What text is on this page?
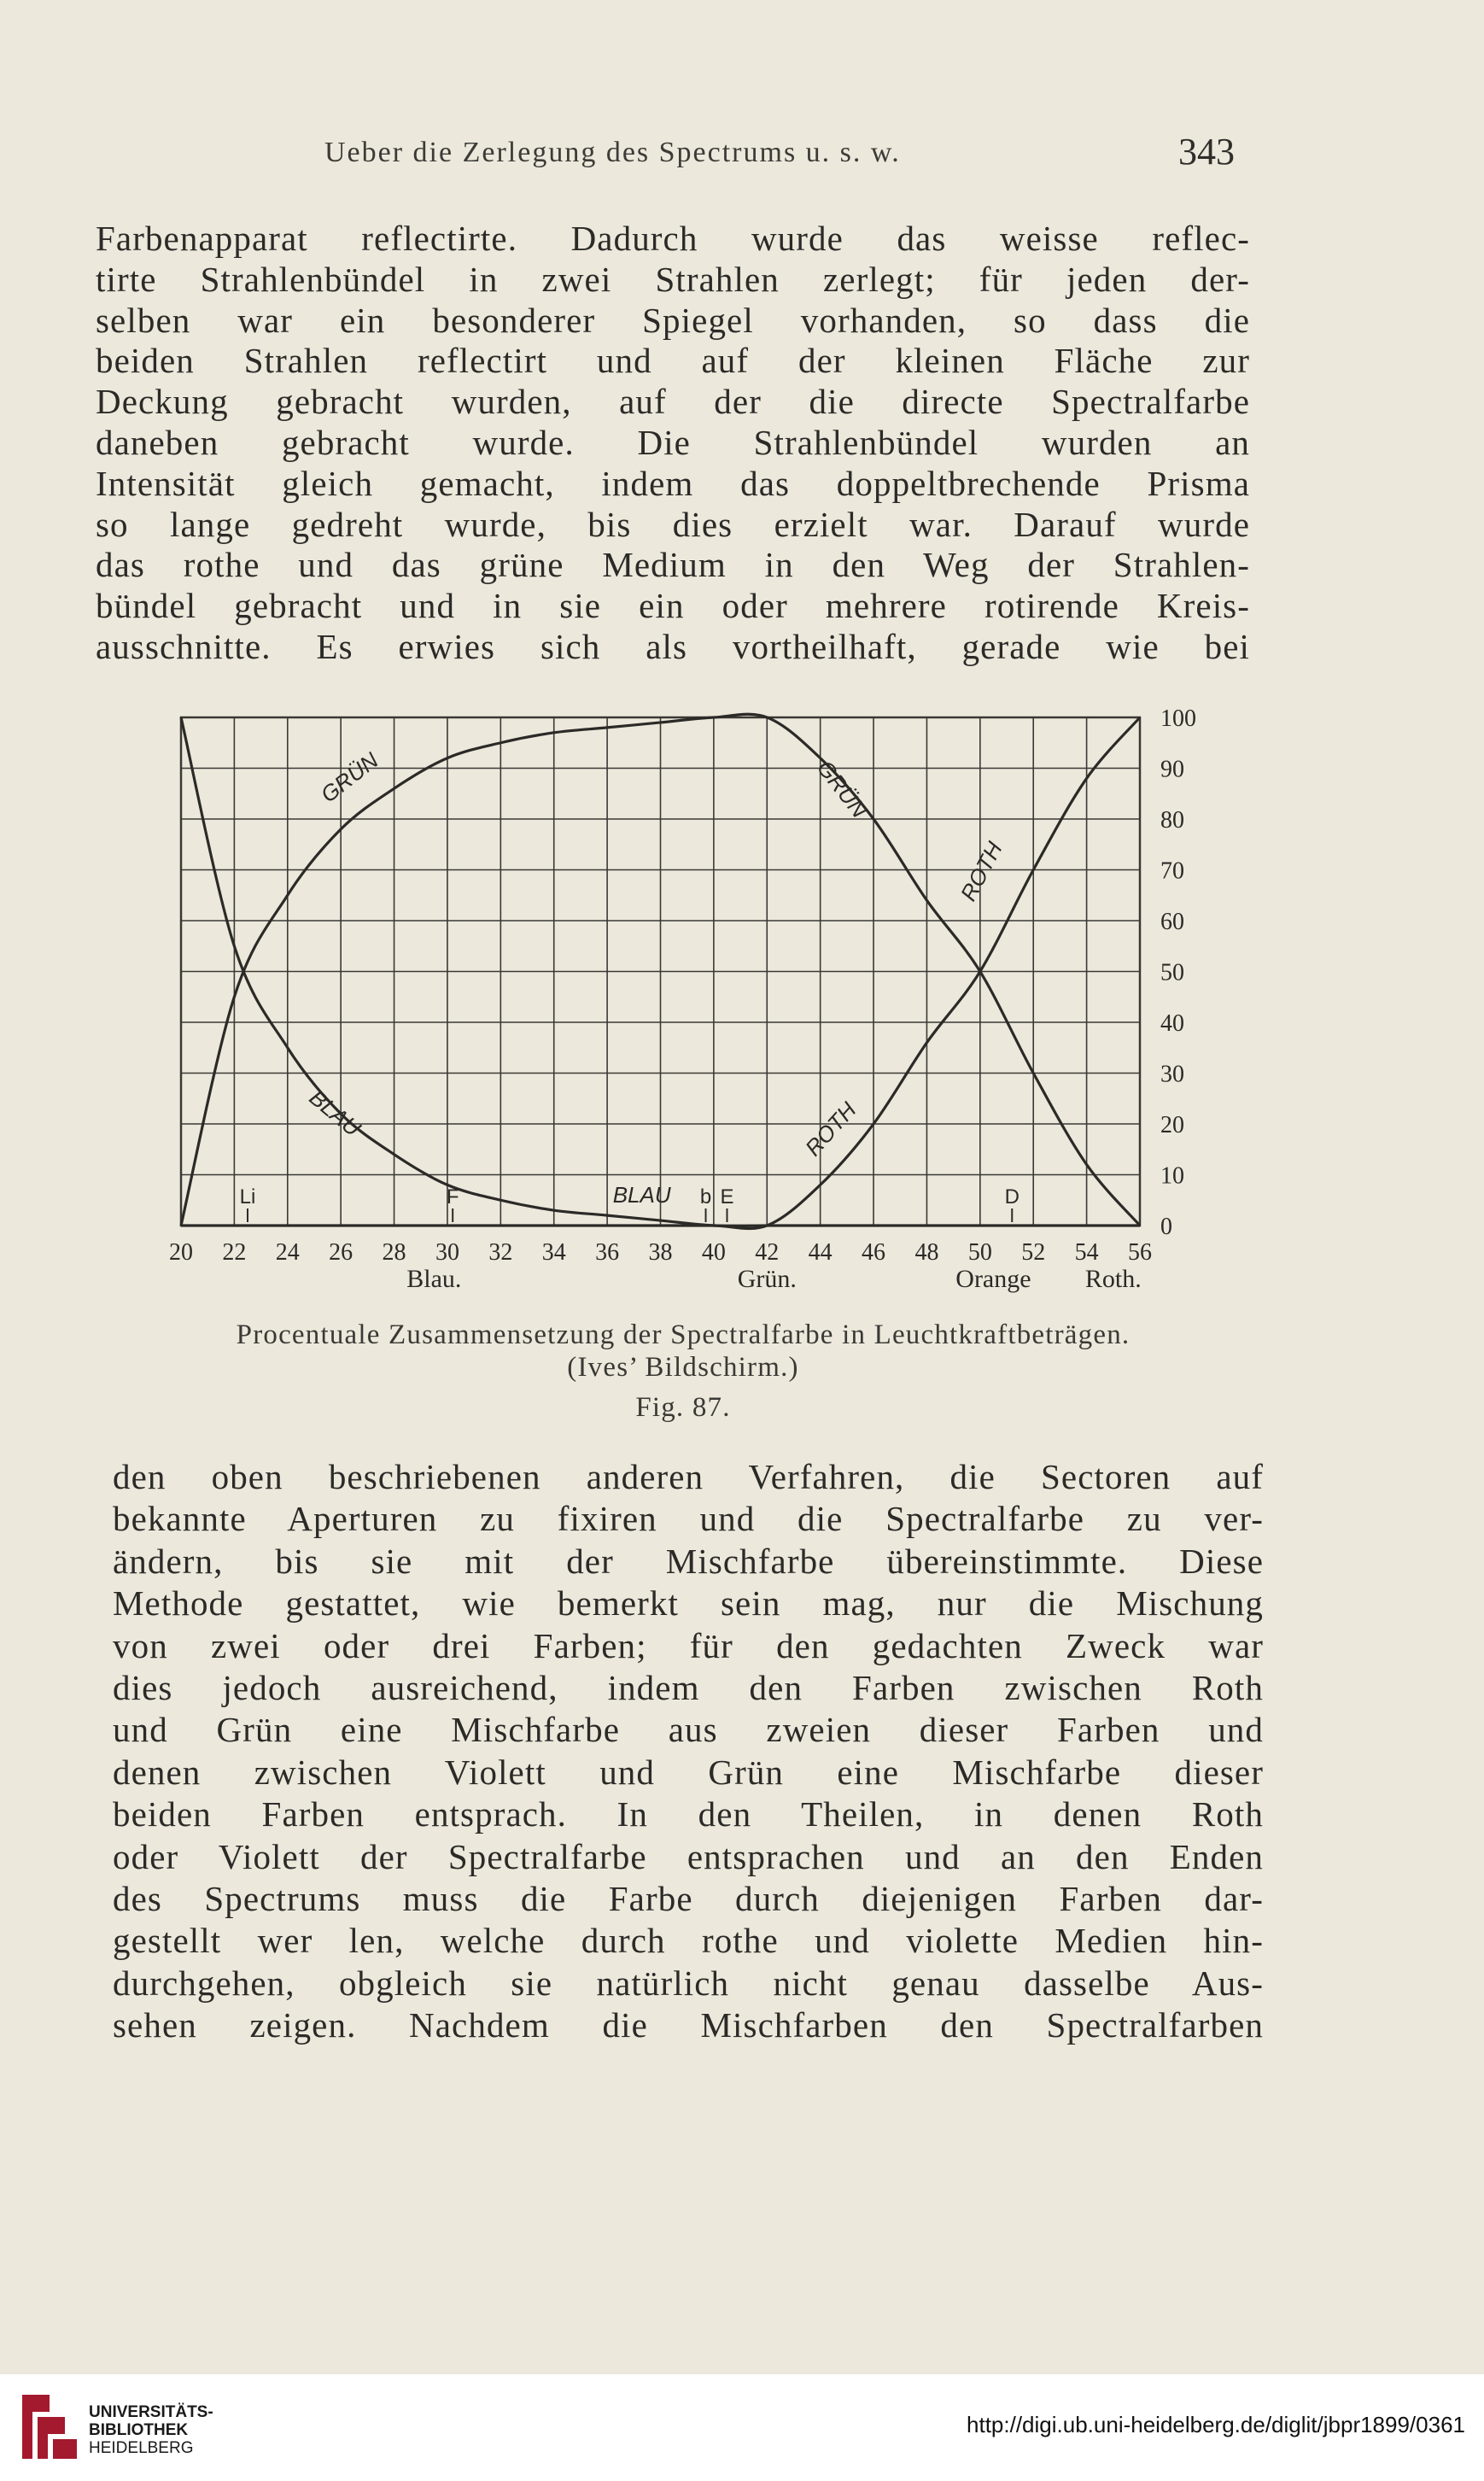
Ueber die Zerlegung des Spectrums u. s. w.	343
Farbenapparat reflectirte. Dadurch wurde das weisse reflec-
tirte Strahlenbündel in zwei Strahlen zerlegt; für jeden der-
selben war ein besonderer Spiegel vorhanden, so dass die
beiden Strahlen reflectirt und auf der kleinen Fläche zur
Deckung gebracht wurden, auf der die directe Spectralfarbe
daneben gebracht wurde. Die Strahlenbündel wurden an
Intensität gleich gemacht, indem das doppeltbrechende Prisma
so lange gedreht wurde, bis dies erzielt war. Darauf wurde
das rothe und das grüne Medium in den Weg der Strahlen-
bündel gebracht und in sie ein oder mehrere rotirende Kreis-
ausschnitte. Es erwies sich als vortheilhaft, gerade wie bei
100
90
80
70
60
50
40
30
20
10
0
20 22 24 26 28 30 32 34 36 38 40 42 44 46 48 50 52 54 56
Blau.	Grün.	Orange Roth.
GRÜN	GRÜN
ROTH
BLAU	ROTH
BLAU
Li	F	b E	D
Procentuale Zusammensetzung der Spectralfarbe in Leuchtkraftbeträgen.
(Ives’ Bildschirm.)
Fig. 87.
den oben beschriebenen anderen Verfahren, die Sectoren auf
bekannte Aperturen zu fixiren und die Spectralfarbe zu ver-
ändern, bis sie mit der Mischfarbe übereinstimmte. Diese
Methode gestattet, wie bemerkt sein mag, nur die Mischung
von zwei oder drei Farben; für den gedachten Zweck war
dies jedoch ausreichend, indem den Farben zwischen Roth
und Grün eine Mischfarbe aus zweien dieser Farben und
denen zwischen Violett und Grün eine Mischfarbe dieser
beiden Farben entsprach. In den Theilen, in denen Roth
oder Violett der Spectralfarbe entsprachen und an den Enden
des Spectrums muss die Farbe durch diejenigen Farben dar-
gestellt wer len, welche durch rothe und violette Medien hin-
durchgehen, obgleich sie natürlich nicht genau dasselbe Aus-
sehen zeigen. Nachdem die Mischfarben den Spectralfarben
UNIVERSITÄTS-
BIBLIOTHEK
HEIDELBERG
http://digi.ub.uni-heidelberg.de/diglit/jbpr1899/0361
